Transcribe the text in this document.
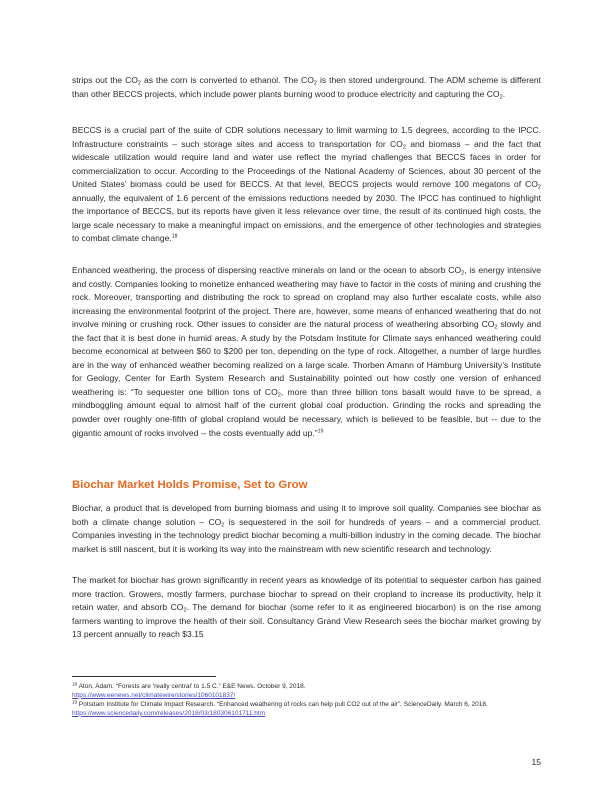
strips out the $CO_2$ as the corn is converted to ethanol. The $CO_2$ is then stored underground. The ADM scheme is different than other BECCS projects, which include power plants burning wood to produce electricity and capturing the $CO_2$.

BECCS is a crucial part of the suite of CDR solutions necessary to limit warming to 1.5 degrees, according to the IPCC. Infrastructure constraints – such storage sites and access to transportation for $CO_2$ and biomass – and the fact that widescale utilization would require land and water use reflect the myriad challenges that BECCS faces in order for commercialization to occur. According to the Proceedings of the National Academy of Sciences, about 30 percent of the United States’ biomass could be used for BECCS. At that level, BECCS projects would remove 100 megatons of $CO_2$ annually, the equivalent of 1.6 percent of the emissions reductions needed by 2030. The IPCC has continued to highlight the importance of BECCS, but its reports have given it less relevance over time, the result of its continued high costs, the large scale necessary to make a meaningful impact on emissions, and the emergence of other technologies and strategies to combat climate change.$^{18}$

Enhanced weathering, the process of dispersing reactive minerals on land or the ocean to absorb $CO_2$, is energy intensive and costly. Companies looking to monetize enhanced weathering may have to factor in the costs of mining and crushing the rock. Moreover, transporting and distributing the rock to spread on cropland may also further escalate costs, while also increasing the environmental footprint of the project. There are, however, some means of enhanced weathering that do not involve mining or crushing rock. Other issues to consider are the natural process of weathering absorbing $CO_2$ slowly and the fact that it is best done in humid areas. A study by the Potsdam Institute for Climate says enhanced weathering could become economical at between $60 to $200 per ton, depending on the type of rock. Altogether, a number of large hurdles are in the way of enhanced weather becoming realized on a large scale. Thorben Amann of Hamburg University’s Institute for Geology, Center for Earth System Research and Sustainability pointed out how costly one version of enhanced weathering is: “To sequester one billion tons of $CO_2$, more than three billion tons basalt would have to be spread, a mindboggling amount equal to almost half of the current global coal production. Grinding the rocks and spreading the powder over roughly one-fifth of global cropland would be necessary, which is believed to be feasible, but -- due to the gigantic amount of rocks involved -- the costs eventually add up.”$^{19}$

Biochar Market Holds Promise, Set to Grow

Biochar, a product that is developed from burning biomass and using it to improve soil quality. Companies see biochar as both a climate change solution – $CO_2$ is sequestered in the soil for hundreds of years – and a commercial product. Companies investing in the technology predict biochar becoming a multi-billion industry in the coming decade. The biochar market is still nascent, but it is working its way into the mainstream with new scientific research and technology.

The market for biochar has grown significantly in recent years as knowledge of its potential to sequester carbon has gained more traction. Growers, mostly farmers, purchase biochar to spread on their cropland to increase its productivity, help it retain water, and absorb $CO_2$. The demand for biochar (some refer to it as engineered biocarbon) is on the rise among farmers wanting to improve the health of their soil. Consultancy Grand View Research sees the biochar market growing by 13 percent annually to reach $3.15

$^{18}$ Aton, Adam. “Forests are ‘really central’ to 1.5 C.” E&E News. October 9, 2018.
https://www.eenews.net/climatewire/stories/1060101837/

$^{19}$ Potsdam Institute for Climate Impact Research. “Enhanced weathering of rocks can help pull CO2 out of the air”. ScienceDaily. March 6, 2018. https://www.sciencedaily.com/releases/2018/03/180306101711.htm

15
